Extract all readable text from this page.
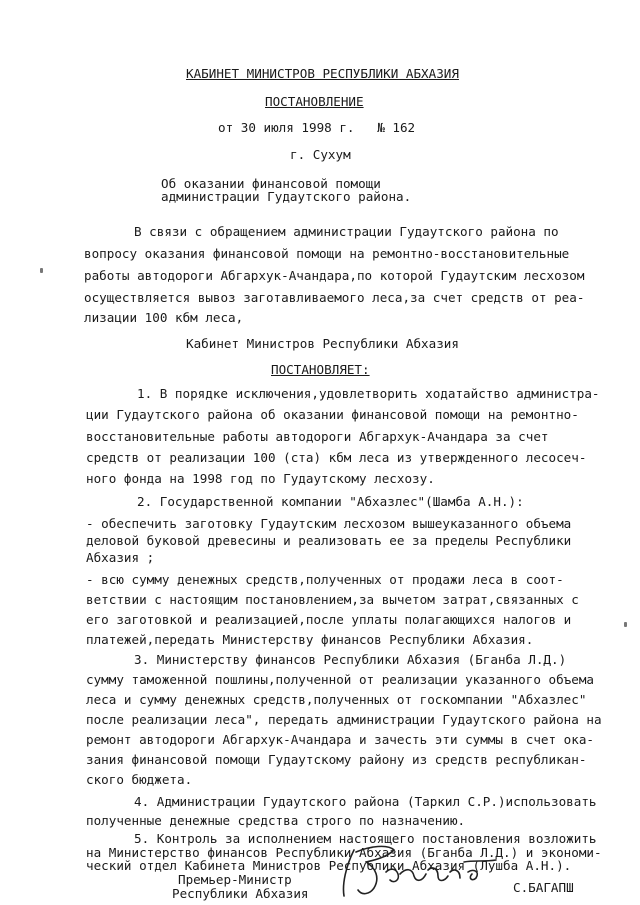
КАБИНЕТ МИНИСТРОВ РЕСПУБЛИКИ АБХАЗИЯ
ПОСТАНОВЛЕНИЕ
от 30 июля 1998 г.   № 162
г. Сухум
Об оказании финансовой помощи
администрации Гудаутского района.
В связи с обращением администрации Гудаутского района по
вопросу оказания финансовой помощи на ремонтно-восстановительные
работы автодороги Абгархук-Ачандара,по которой Гудаутским лесхозом
осуществляется вывоз заготавливаемого леса,за счет средств от реа-
лизации 100 кбм леса,
Кабинет Министров Республики Абхазия
ПОСТАНОВЛЯЕТ:
1. В порядке исключения,удовлетворить ходатайство администра-
ции Гудаутского района об оказании финансовой помощи на ремонтно-
восстановительные работы автодороги Абгархук-Ачандара за счет
средств от реализации 100 (ста) кбм леса из утвержденного лесосеч-
ного фонда на 1998 год по Гудаутскому лесхозу.
2. Государственной компании "Абхазлес"(Шамба А.Н.):
- обеспечить заготовку Гудаутским лесхозом вышеуказанного объема
деловой буковой древесины и реализовать ее за пределы Республики
Абхазия ;
- всю сумму денежных средств,полученных от продажи леса в соот-
ветствии с настоящим постановлением,за вычетом затрат,связанных с
его заготовкой и реализацией,после уплаты полагающихся налогов и
платежей,передать Министерству финансов Республики Абхазия.
3. Министерству финансов Республики Абхазия (Бганба Л.Д.)
сумму таможенной пошлины,полученной от реализации указанного объема
леса и сумму денежных средств,полученных от госкомпании "Абхазлес"
после реализации леса", передать администрации Гудаутского района на
ремонт автодороги Абгархук-Ачандара и зачесть эти суммы в счет ока-
зания финансовой помощи Гудаутскому району из средств республикан-
ского бюджета.
4. Администрации Гудаутского района (Таркил С.Р.)использовать
полученные денежные средства строго по назначению.
5. Контроль за исполнением настоящего постановления возложить
на Министерство финансов Республики Абхазия (Бганба Л.Д.) и экономи-
ческий отдел Кабинета Министров Республики Абхазия (Лушба А.Н.).
Премьер-Министр
Республики Абхазия	С.БАГАПШ
